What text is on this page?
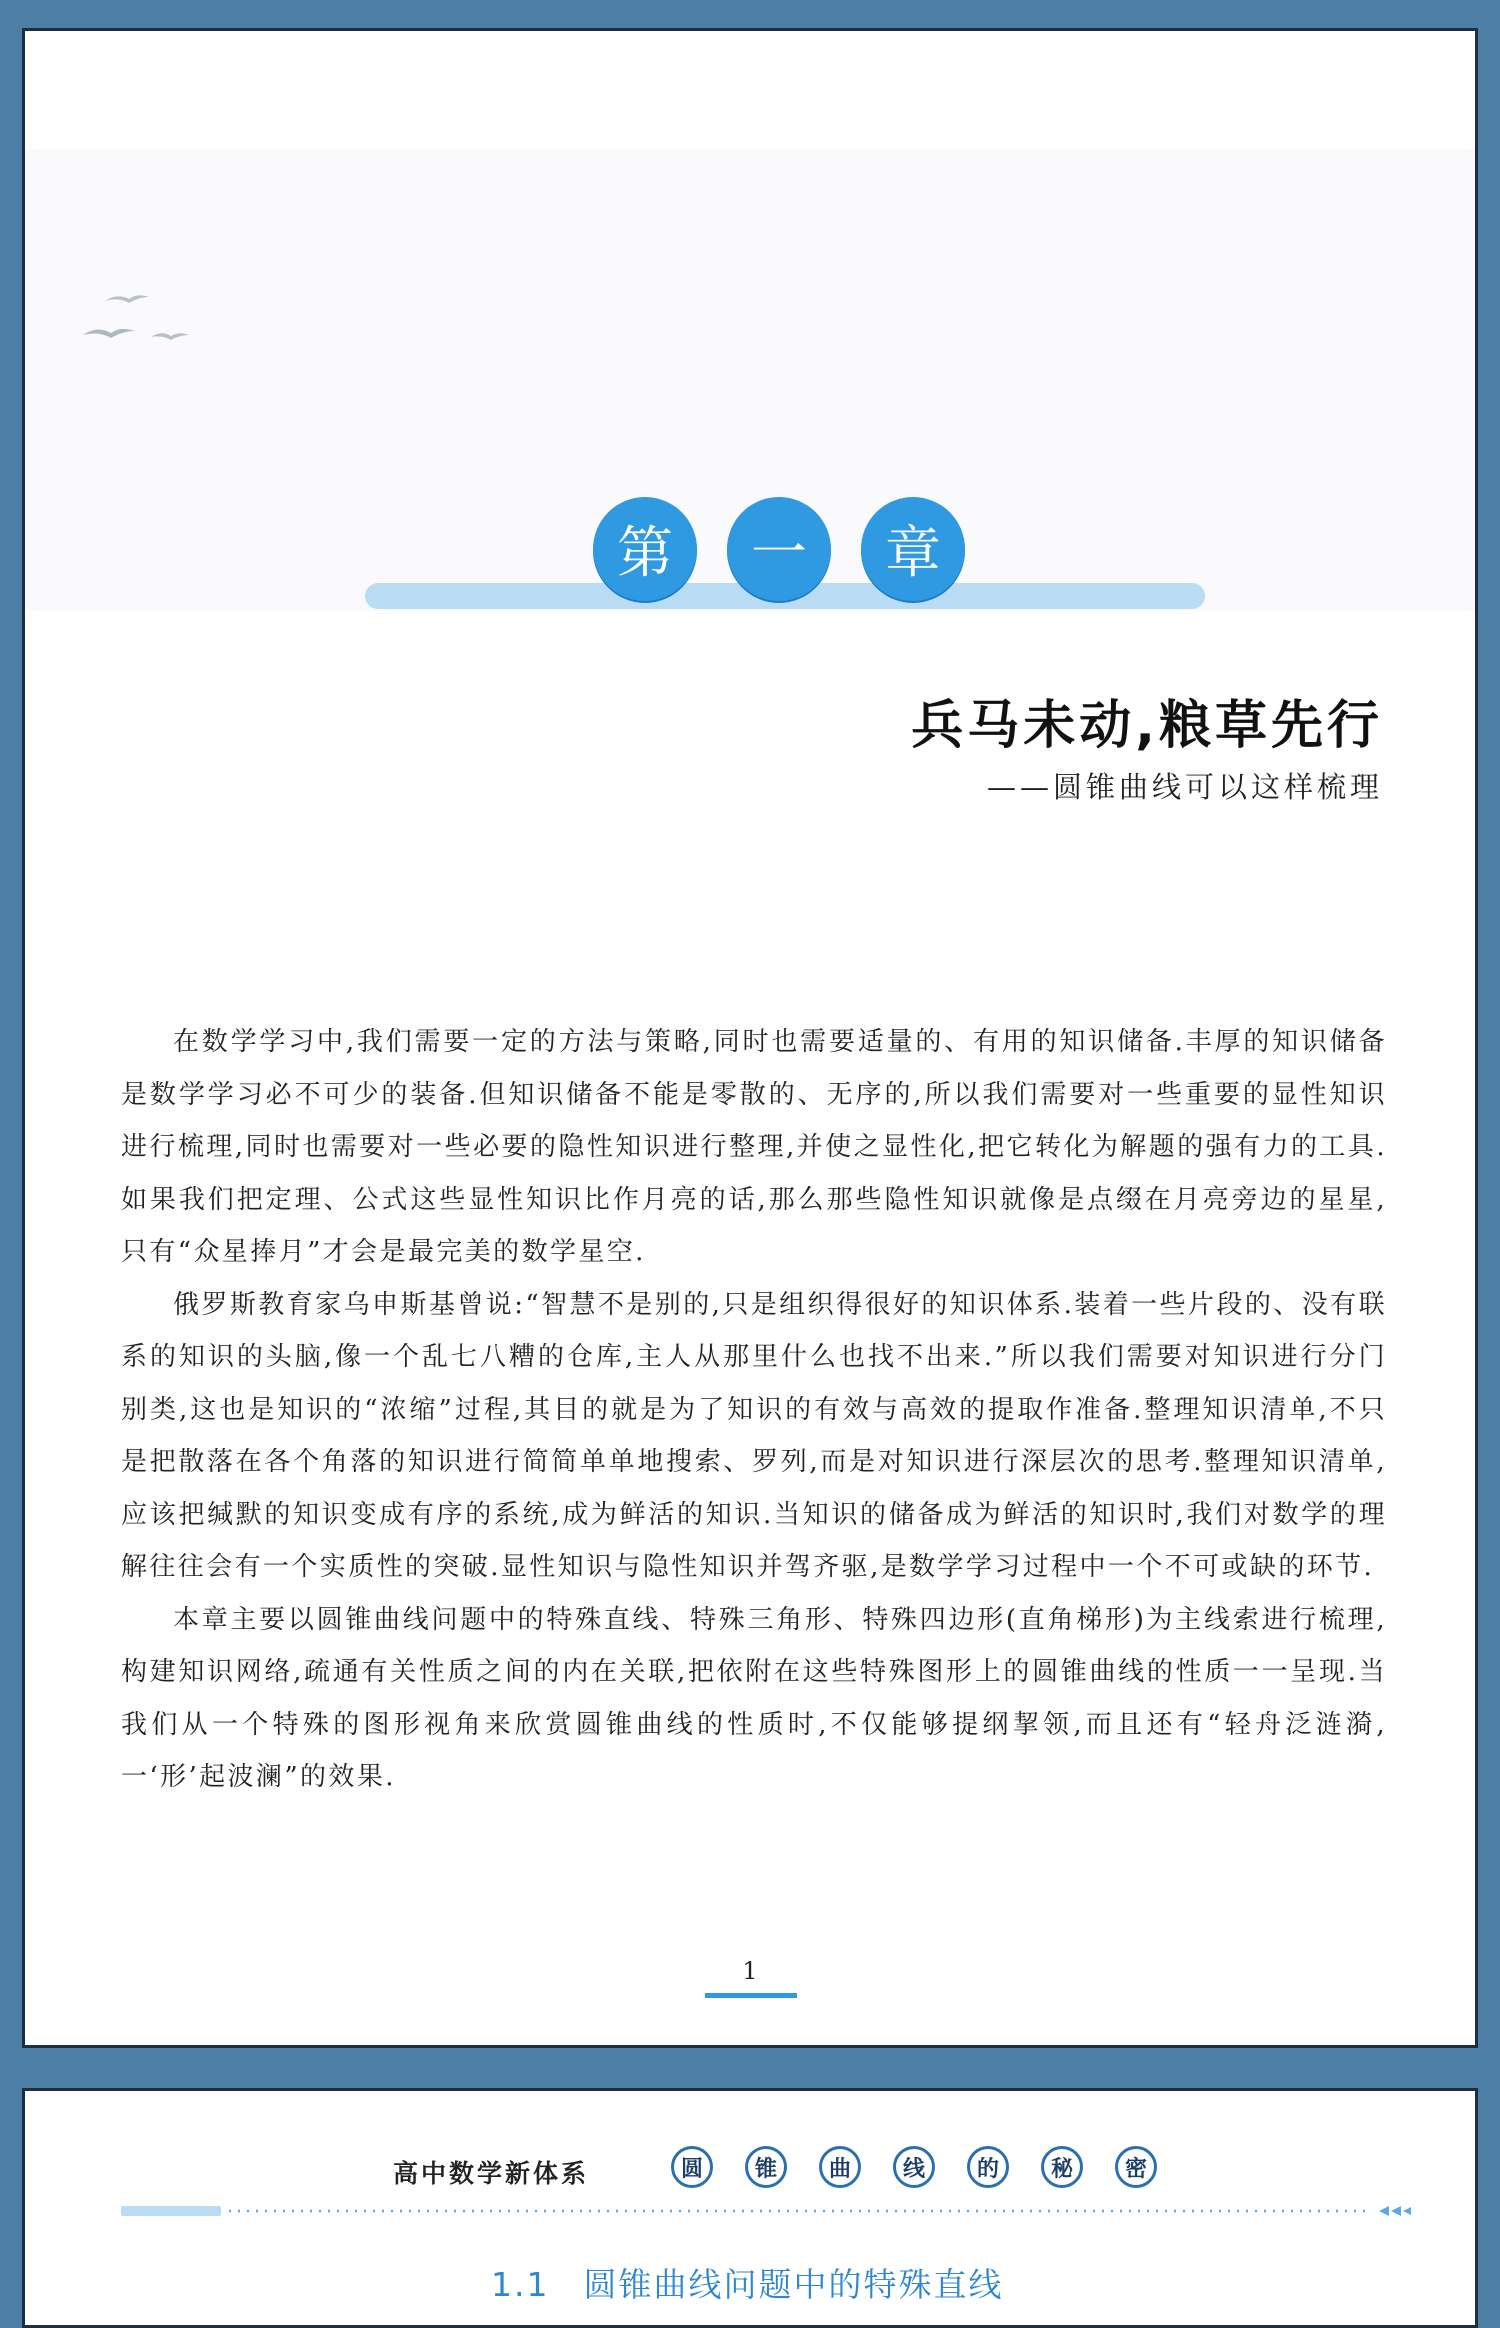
第	一	章
兵马未动,粮草先行
——圆锥曲线可以这样梳理

在数学学习中,我们需要一定的方法与策略,同时也需要适量的、有用的知识储备.丰厚的知识储备是数学学习必不可少的装备.但知识储备不能是零散的、无序的,所以我们需要对一些重要的显性知识进行梳理,同时也需要对一些必要的隐性知识进行整理,并使之显性化,把它转化为解题的强有力的工具.如果我们把定理、公式这些显性知识比作月亮的话,那么那些隐性知识就像是点缀在月亮旁边的星星,只有“众星捧月”才会是最完美的数学星空.

俄罗斯教育家乌申斯基曾说:“智慧不是别的,只是组织得很好的知识体系.装着一些片段的、没有联系的知识的头脑,像一个乱七八糟的仓库,主人从那里什么也找不出来.”所以我们需要对知识进行分门别类,这也是知识的“浓缩”过程,其目的就是为了知识的有效与高效的提取作准备.整理知识清单,不只是把散落在各个角落的知识进行简简单单地搜索、罗列,而是对知识进行深层次的思考.整理知识清单,应该把缄默的知识变成有序的系统,成为鲜活的知识.当知识的储备成为鲜活的知识时,我们对数学的理解往往会有一个实质性的突破.显性知识与隐性知识并驾齐驱,是数学学习过程中一个不可或缺的环节.

本章主要以圆锥曲线问题中的特殊直线、特殊三角形、特殊四边形(直角梯形)为主线索进行梳理,构建知识网络,疏通有关性质之间的内在关联,把依附在这些特殊图形上的圆锥曲线的性质一一呈现.当我们从一个特殊的图形视角来欣赏圆锥曲线的性质时,不仅能够提纲挈领,而且还有“轻舟泛涟漪,一‘形’起波澜”的效果.

1
高中数学新体系	圆	锥	曲	线	的	秘	密
1.1 圆锥曲线问题中的特殊直线
